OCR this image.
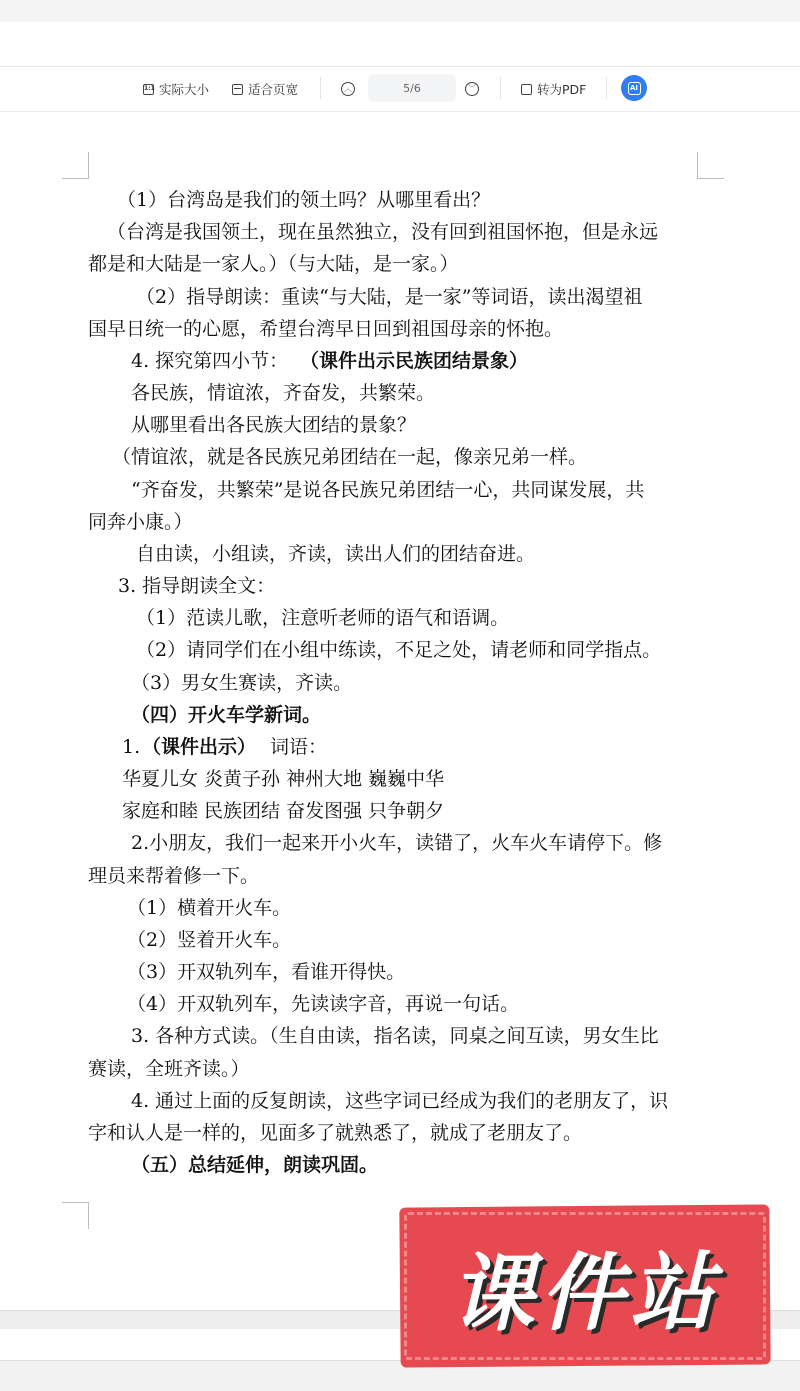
1:1 实际大小	适合页宽	︿	﹀	转为PDF
5/6	AI
（1）台湾岛是我们的领土吗？从哪里看出？
（台湾是我国领土，现在虽然独立，没有回到祖国怀抱，但是永远
都是和大陆是一家人。）（与大陆，是一家。）
（2）指导朗读：重读“与大陆，是一家”等词语，读出渴望祖
国早日统一的心愿，希望台湾早日回到祖国母亲的怀抱。
4. 探究第四小节： （课件出示民族团结景象）
各民族，情谊浓，齐奋发，共繁荣。
从哪里看出各民族大团结的景象？
（情谊浓，就是各民族兄弟团结在一起，像亲兄弟一样。
“齐奋发，共繁荣”是说各民族兄弟团结一心，共同谋发展，共
同奔小康。）
自由读，小组读，齐读，读出人们的团结奋进。
3. 指导朗读全文：
（1）范读儿歌，注意听老师的语气和语调。
（2）请同学们在小组中练读，不足之处，请老师和同学指点。
（3）男女生赛读，齐读。
（四）开火车学新词。
1. （课件出示） 词语：
华夏儿女 炎黄子孙 神州大地 巍巍中华
家庭和睦 民族团结 奋发图强 只争朝夕
2.小朋友，我们一起来开小火车，读错了，火车火车请停下。修
理员来帮着修一下。
（1）横着开火车。
（2）竖着开火车。
（3）开双轨列车，看谁开得快。
（4）开双轨列车，先读读字音，再说一句话。
3. 各种方式读。（生自由读，指名读，同桌之间互读，男女生比
赛读，全班齐读。）
4. 通过上面的反复朗读，这些字词已经成为我们的老朋友了，识
字和认人是一样的，见面多了就熟悉了，就成了老朋友了。
（五）总结延伸，朗读巩固。
课件站
